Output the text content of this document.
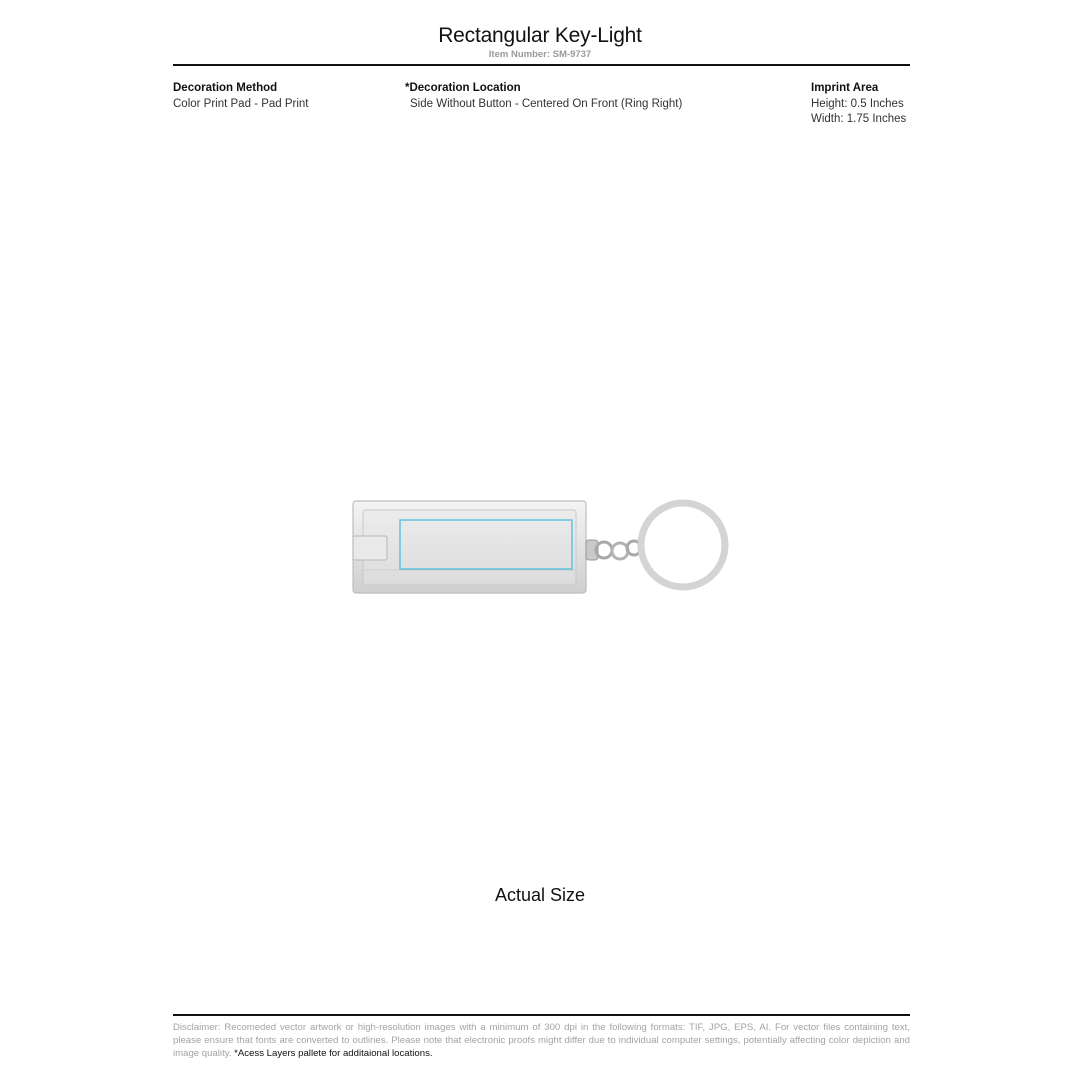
Rectangular Key-Light
Item Number: SM-9737
Decoration Method
Color Print Pad - Pad Print
*Decoration Location
Side Without Button - Centered On Front (Ring Right)
Imprint Area
Height: 0.5 Inches
Width: 1.75 Inches
Actual Size
Disclaimer: Recomeded vector artwork or high-resolution images with a minimum of 300 dpi in the following formats: TIF, JPG, EPS, AI. For vector files containing text, please ensure that fonts are converted to outlines. Please note that electronic proofs might differ due to individual computer settings, potentially affecting color depiction and image quality. *Acess Layers pallete for additaional locations.
